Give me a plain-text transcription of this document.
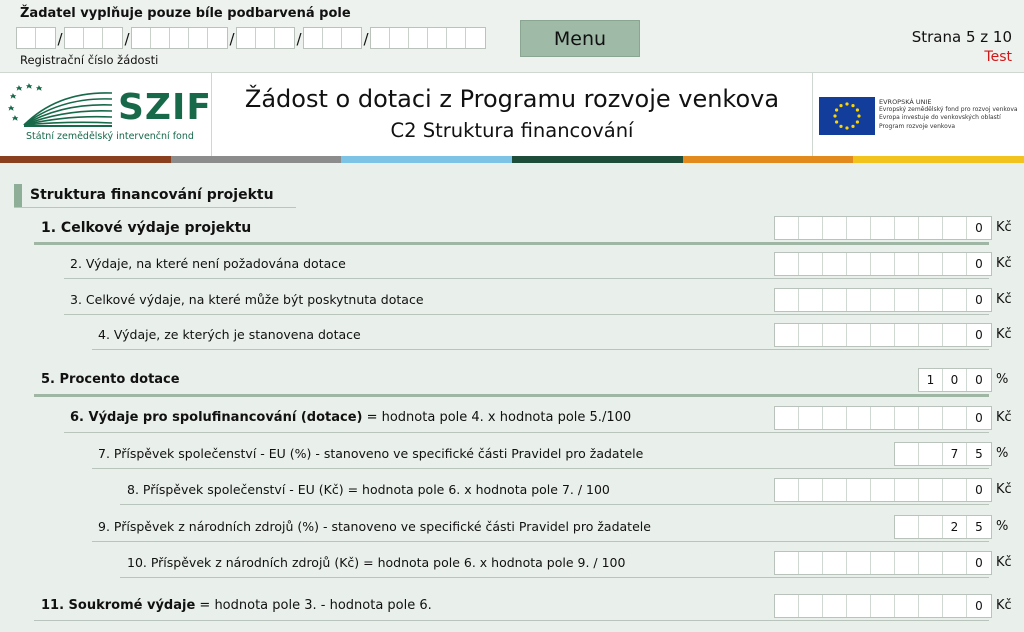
Žadatel vyplňuje pouze bíle podbarvená pole
/	/	/	/	/
Registrační číslo žádosti
Menu	Strana 5 z 10
Test
SZIF
Státní zemědělský intervenční fond
Žádost o dotaci z Programu rozvoje venkova
C2 Struktura financování
EVROPSKÁ UNIE
Evropský zemědělský fond pro rozvoj venkova
Evropa investuje do venkovských oblastí
Program rozvoje venkova
Struktura financování projektu
1. Celkové výdaje projektu	0	Kč
2. Výdaje, na které není požadována dotace	0	Kč
3. Celkové výdaje, na které může být poskytnuta dotace	0	Kč
4. Výdaje, ze kterých je stanovena dotace	0	Kč
5. Procento dotace	1	0	0	%
6. Výdaje pro spolufinancování (dotace) = hodnota pole 4. x hodnota pole 5./100	0	Kč
7. Příspěvek společenství - EU (%) - stanoveno ve specifické části Pravidel pro žadatele	7	5	%
8. Příspěvek společenství - EU (Kč) = hodnota pole 6. x hodnota pole 7. / 100	0	Kč
9. Příspěvek z národních zdrojů (%) - stanoveno ve specifické části Pravidel pro žadatele	2	5	%
10. Příspěvek z národních zdrojů (Kč) = hodnota pole 6. x hodnota pole 9. / 100	0	Kč
11. Soukromé výdaje = hodnota pole 3. - hodnota pole 6.	0	Kč
